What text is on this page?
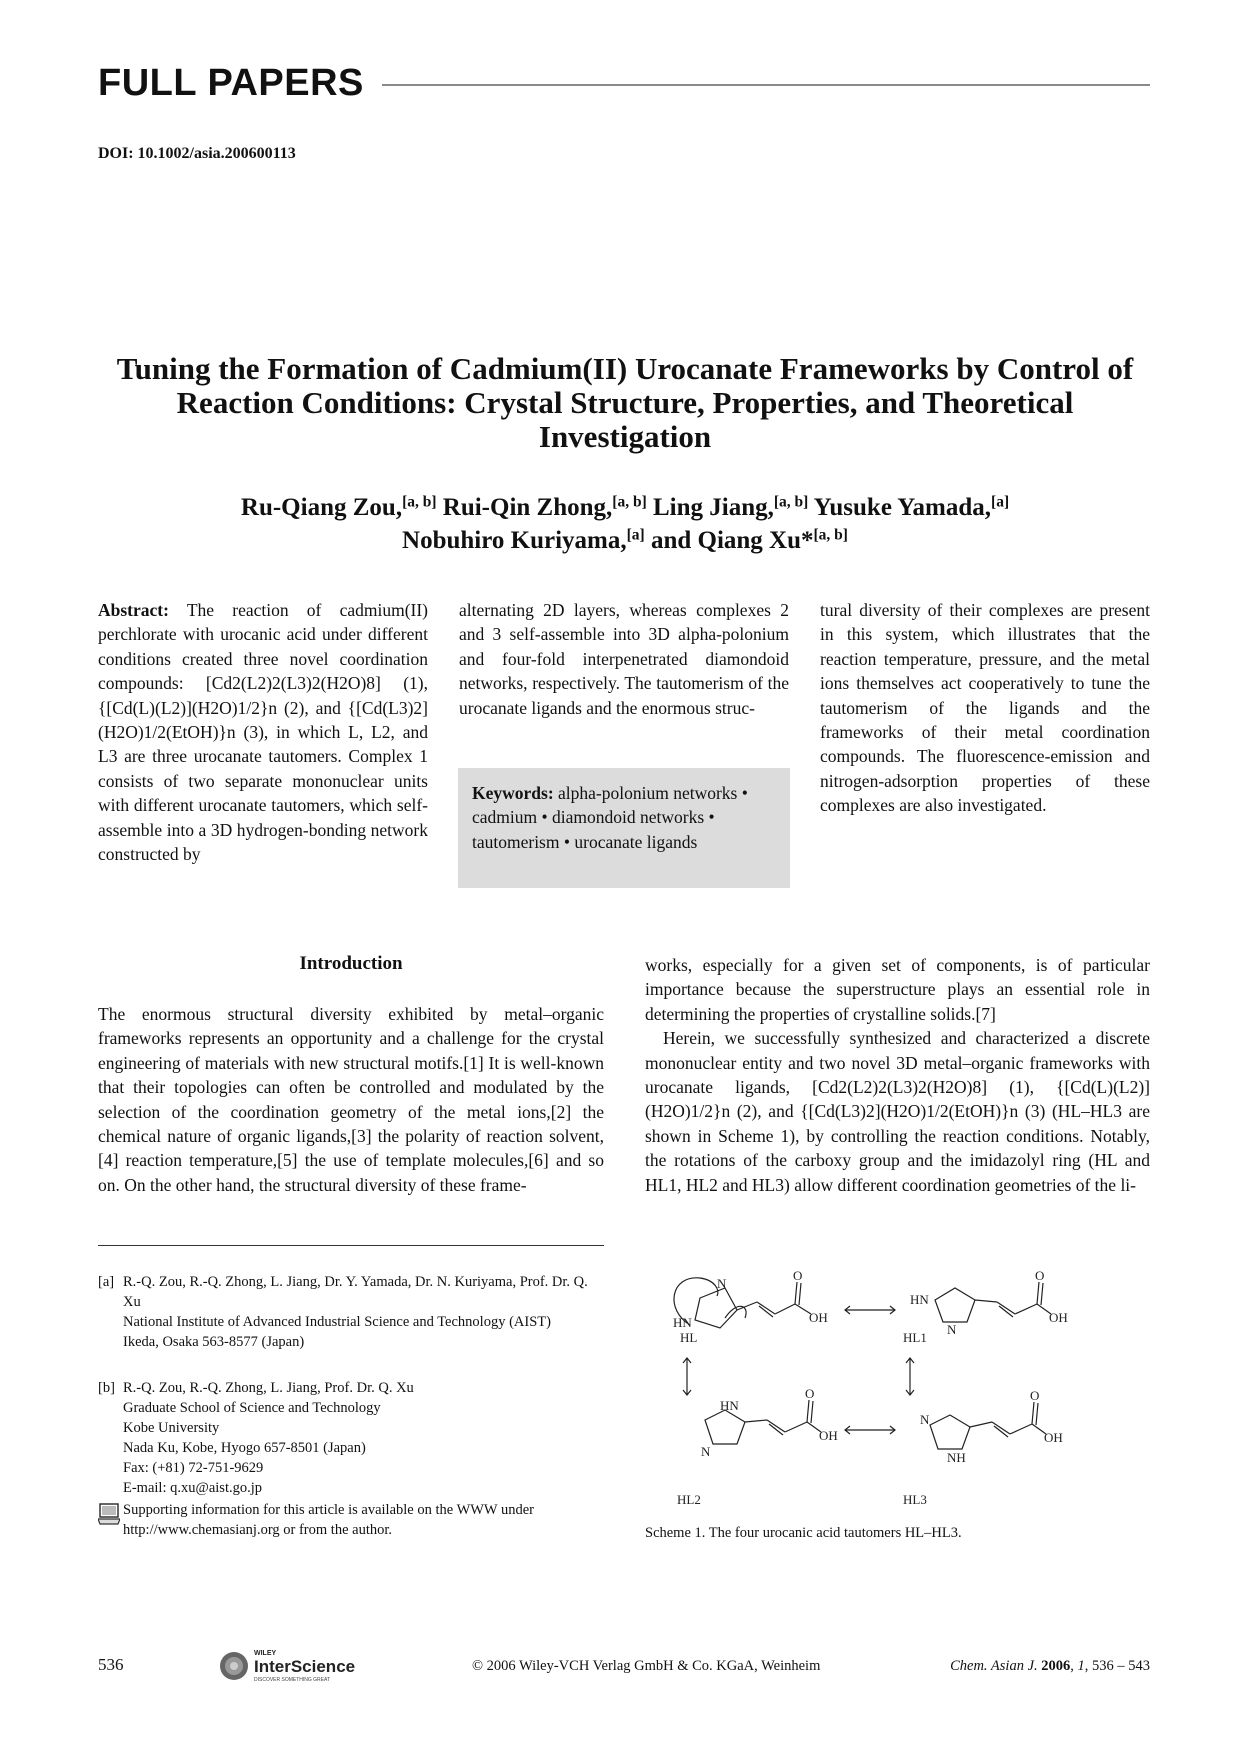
FULL PAPERS
DOI: 10.1002/asia.200600113
Tuning the Formation of Cadmium(II) Urocanate Frameworks by Control of Reaction Conditions: Crystal Structure, Properties, and Theoretical Investigation
Ru-Qiang Zou,[a, b] Rui-Qin Zhong,[a, b] Ling Jiang,[a, b] Yusuke Yamada,[a]
Nobuhiro Kuriyama,[a] and Qiang Xu*[a, b]
Abstract: The reaction of cadmium(II) perchlorate with urocanic acid under different conditions created three novel coordination compounds: [Cd2(L2)2(L3)2(H2O)8] (1), {[Cd(L)(L2)](H2O)1/2}n (2), and {[Cd(L3)2](H2O)1/2(EtOH)}n (3), in which L, L2, and L3 are three urocanate tautomers. Complex 1 consists of two separate mononuclear units with different urocanate tautomers, which self-assemble into a 3D hydrogen-bonding network constructed by
alternating 2D layers, whereas complexes 2 and 3 self-assemble into 3D alpha-polonium and four-fold interpenetrated diamondoid networks, respectively. The tautomerism of the urocanate ligands and the enormous struc-
Keywords: alpha-polonium networks • cadmium • diamondoid networks • tautomerism • urocanate ligands
tural diversity of their complexes are present in this system, which illustrates that the reaction temperature, pressure, and the metal ions themselves act cooperatively to tune the tautomerism of the ligands and the frameworks of their metal coordination compounds. The fluorescence-emission and nitrogen-adsorption properties of these complexes are also investigated.
Introduction
The enormous structural diversity exhibited by metal–organic frameworks represents an opportunity and a challenge for the crystal engineering of materials with new structural motifs.[1] It is well-known that their topologies can often be controlled and modulated by the selection of the coordination geometry of the metal ions,[2] the chemical nature of organic ligands,[3] the polarity of reaction solvent,[4] reaction temperature,[5] the use of template molecules,[6] and so on. On the other hand, the structural diversity of these frame-

works, especially for a given set of components, is of particular importance because the superstructure plays an essential role in determining the properties of crystalline solids.[7]

Herein, we successfully synthesized and characterized a discrete mononuclear entity and two novel 3D metal–organic frameworks with urocanate ligands, [Cd2(L2)2(L3)2(H2O)8] (1), {[Cd(L)(L2)](H2O)1/2}n (2), and {[Cd(L3)2](H2O)1/2(EtOH)}n (3) (HL–HL3 are shown in Scheme 1), by controlling the reaction conditions. Notably, the rotations of the carboxy group and the imidazolyl ring (HL and HL1, HL2 and HL3) allow different coordination geometries of the li-

[a] R.-Q. Zou, R.-Q. Zhong, L. Jiang, Dr. Y. Yamada, Dr. N. Kuriyama, Prof. Dr. Q. Xu
National Institute of Advanced Industrial Science and Technology (AIST)
Ikeda, Osaka 563-8577 (Japan)
[b] R.-Q. Zou, R.-Q. Zhong, L. Jiang, Prof. Dr. Q. Xu
Graduate School of Science and Technology
Kobe University
Nada Ku, Kobe, Hyogo 657-8501 (Japan)
Fax: (+81) 72-751-9629
E-mail: q.xu@aist.go.jp
Supporting information for this article is available on the WWW under http://www.chemasianj.org or from the author.
N
HN
O
OH
HN
N
O
OH
HN
N
O
OH
N
NH
O
OH
HL	HL1
HL2	HL3
Scheme 1. The four urocanic acid tautomers HL–HL3.
536
WILEY
InterScience
DISCOVER SOMETHING GREAT
© 2006 Wiley-VCH Verlag GmbH & Co. KGaA, Weinheim	Chem. Asian J. 2006, 1, 536 – 543
